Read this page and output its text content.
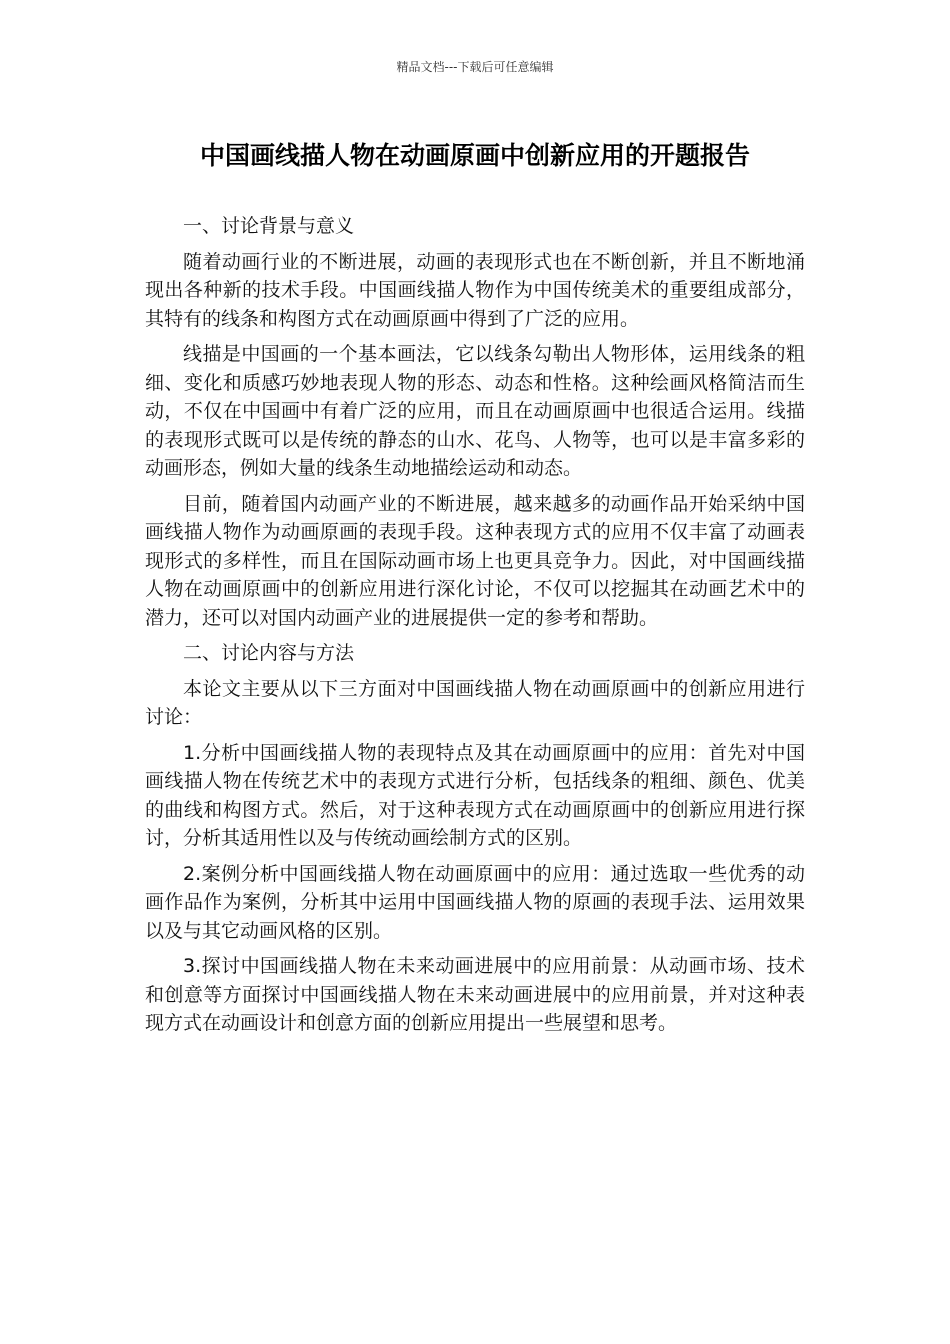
精品文档---下载后可任意编辑
中国画线描人物在动画原画中创新应用的开题报告

一、讨论背景与意义

随着动画行业的不断进展，动画的表现形式也在不断创新，并且不断地涌现出各种新的技术手段。中国画线描人物作为中国传统美术的重要组成部分，其特有的线条和构图方式在动画原画中得到了广泛的应用。

线描是中国画的一个基本画法，它以线条勾勒出人物形体，运用线条的粗细、变化和质感巧妙地表现人物的形态、动态和性格。这种绘画风格简洁而生动，不仅在中国画中有着广泛的应用，而且在动画原画中也很适合运用。线描的表现形式既可以是传统的静态的山水、花鸟、人物等，也可以是丰富多彩的动画形态，例如大量的线条生动地描绘运动和动态。

目前，随着国内动画产业的不断进展，越来越多的动画作品开始采纳中国画线描人物作为动画原画的表现手段。这种表现方式的应用不仅丰富了动画表现形式的多样性，而且在国际动画市场上也更具竞争力。因此，对中国画线描人物在动画原画中的创新应用进行深化讨论，不仅可以挖掘其在动画艺术中的潜力，还可以对国内动画产业的进展提供一定的参考和帮助。

二、讨论内容与方法

本论文主要从以下三方面对中国画线描人物在动画原画中的创新应用进行讨论：

1.分析中国画线描人物的表现特点及其在动画原画中的应用：首先对中国画线描人物在传统艺术中的表现方式进行分析，包括线条的粗细、颜色、优美的曲线和构图方式。然后，对于这种表现方式在动画原画中的创新应用进行探讨，分析其适用性以及与传统动画绘制方式的区别。

2.案例分析中国画线描人物在动画原画中的应用：通过选取一些优秀的动画作品作为案例，分析其中运用中国画线描人物的原画的表现手法、运用效果以及与其它动画风格的区别。

3.探讨中国画线描人物在未来动画进展中的应用前景：从动画市场、技术和创意等方面探讨中国画线描人物在未来动画进展中的应用前景，并对这种表现方式在动画设计和创意方面的创新应用提出一些展望和思考。
